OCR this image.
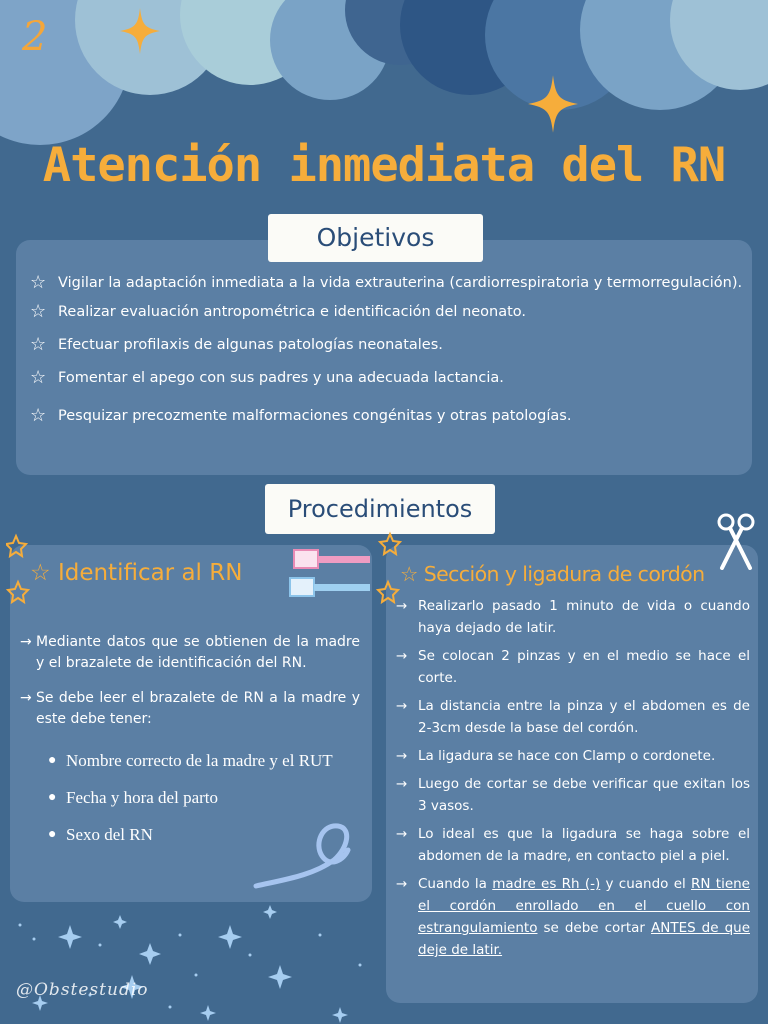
2
Atención inmediata del RN
Objetivos
☆ Vigilar la adaptación inmediata a la vida extrauterina (cardiorrespiratoria y termorregulación).
☆ Realizar evaluación antropométrica e identificación del neonato.
☆ Efectuar profilaxis de algunas patologías neonatales.
☆ Fomentar el apego con sus padres y una adecuada lactancia.
☆ Pesquizar precozmente malformaciones congénitas y otras patologías.
Procedimientos
☆ Identificar al RN
→ Mediante datos que se obtienen de la madre y el brazalete de identificación del RN.
→ Se debe leer el brazalete de RN a la madre y este debe tener:
● Nombre correcto de la madre y el RUT
● Fecha y hora del parto
● Sexo del RN
☆ Sección y ligadura de cordón
→ Realizarlo pasado 1 minuto de vida o cuando haya dejado de latir.
→ Se colocan 2 pinzas y en el medio se hace el corte.
→ La distancia entre la pinza y el abdomen es de 2-3cm desde la base del cordón.
→ La ligadura se hace con Clamp o cordonete.
→ Luego de cortar se debe verificar que exitan los 3 vasos.
→ Lo ideal es que la ligadura se haga sobre el abdomen de la madre, en contacto piel a piel.
→ Cuando la madre es Rh (-) y cuando el RN tiene el cordón enrollado en el cuello con estrangulamiento se debe cortar ANTES de que deje de latir.
@Obstestudio
